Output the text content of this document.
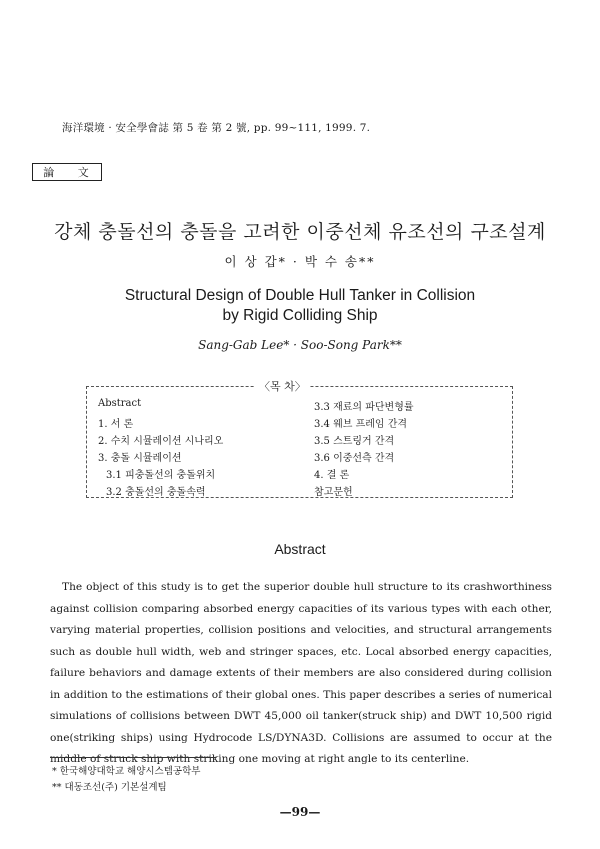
海洋環境 · 安全學會誌 第 5 卷 第 2 號, pp. 99~111, 1999. 7.
論 文
강체 충돌선의 충돌을 고려한 이중선체 유조선의 구조설계
이 상 갑* · 박 수 송**
Structural Design of Double Hull Tanker in Collision
by Rigid Colliding Ship
Sang-Gab Lee* · Soo-Song Park**
〈목 차〉
Abstract
1. 서 론
2. 수치 시뮬레이션 시나리오
3. 충돌 시뮬레이션
3.1 피충돌선의 충돌위치
3.2 충돌선의 충돌속력
3.3 재료의 파단변형률
3.4 웨브 프레임 간격
3.5 스트링거 간격
3.6 이중선측 간격
4. 결 론
참고문헌
Abstract
The object of this study is to get the superior double hull structure to its crashworthiness against collision comparing absorbed energy capacities of its various types with each other, varying material properties, collision positions and velocities, and structural arrangements such as double hull width, web and stringer spaces, etc. Local absorbed energy capacities, failure behaviors and damage extents of their members are also considered during collision in addition to the estimations of their global ones. This paper describes a series of numerical simulations of collisions between DWT 45,000 oil tanker(struck ship) and DWT 10,500 rigid one(striking ships) using Hydrocode LS/DYNA3D. Collisions are assumed to occur at the middle of struck ship with striking one moving at right angle to its centerline.
* 한국해양대학교 해양시스템공학부
** 대동조선(주) 기본설계팀
—99—
